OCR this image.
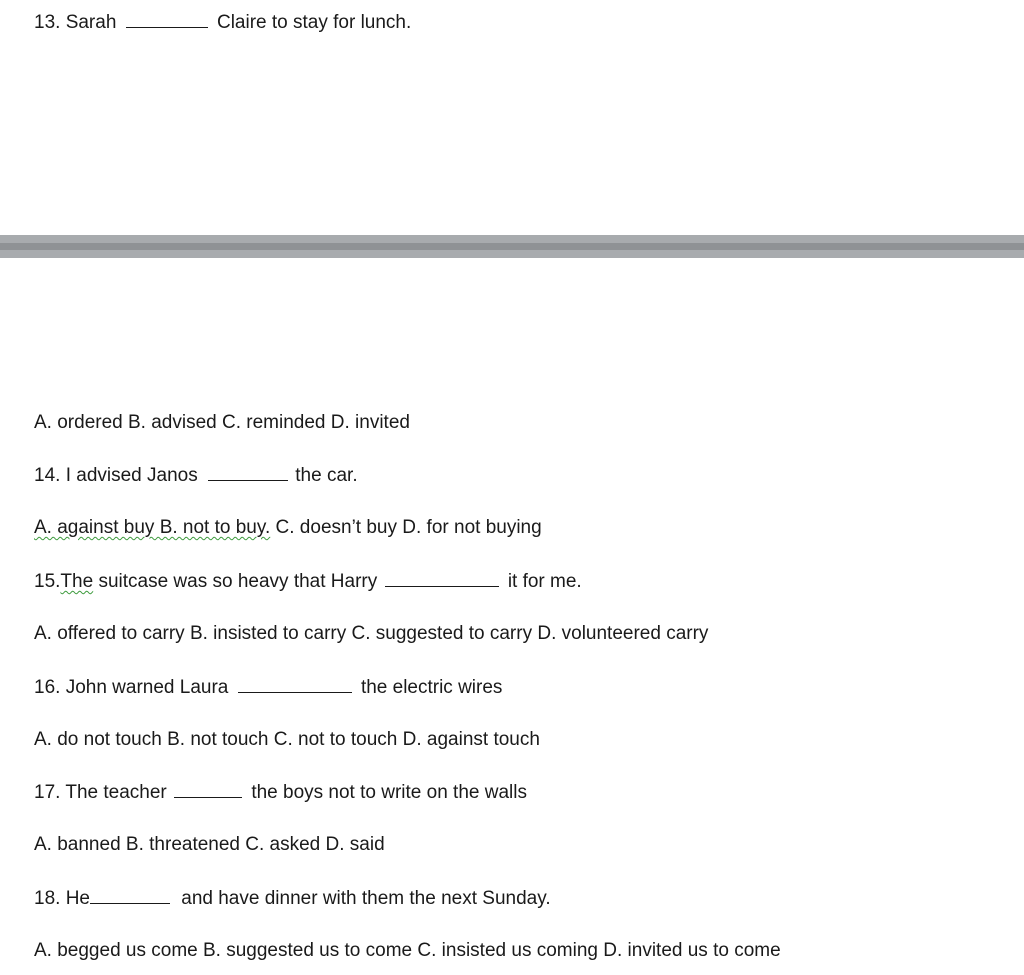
13. Sarah	Claire to stay for lunch.
A. ordered B. advised C. reminded D. invited
14. I advised Janos	the car.
A. against buy B. not to buy. C. doesn’t buy D. for not buying
15.The suitcase was so heavy that Harry	it for me.
A. offered to carry B. insisted to carry C. suggested to carry D. volunteered carry
16. John warned Laura	the electric wires
A. do not touch B. not touch C. not to touch D. against touch
17. The teacher	the boys not to write on the walls
A. banned B. threatened C. asked D. said
18. He	and have dinner with them the next Sunday.
A. begged us come B. suggested us to come C. insisted us coming D. invited us to come
